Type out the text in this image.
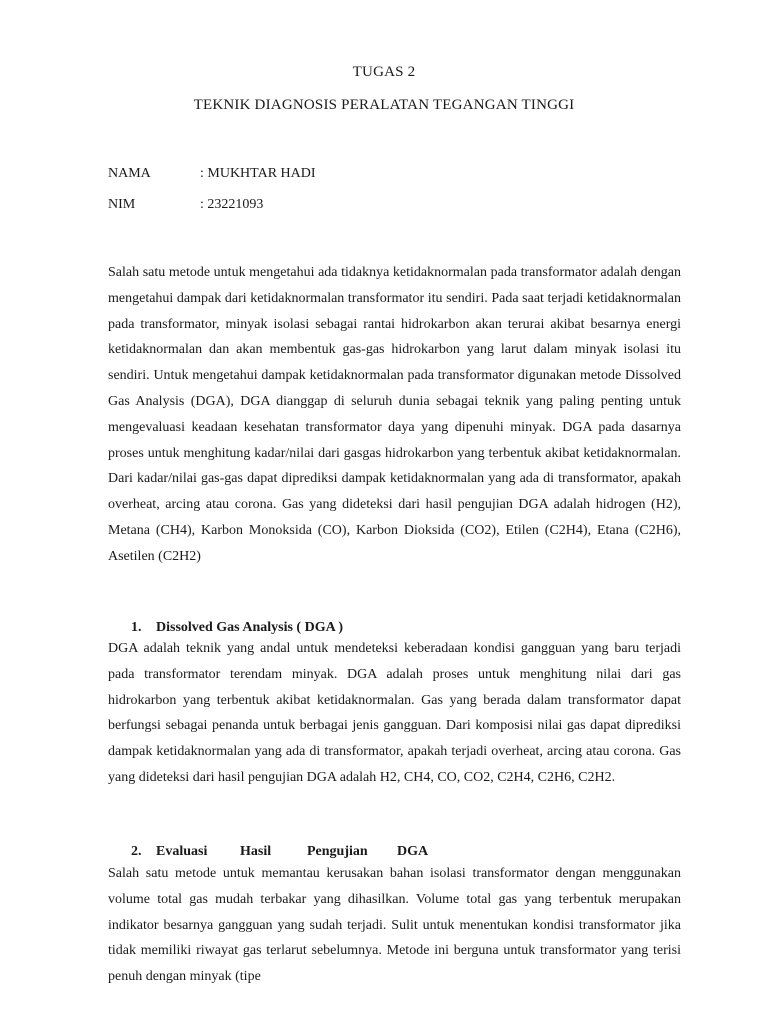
TUGAS 2
TEKNIK DIAGNOSIS PERALATAN TEGANGAN TINGGI
NAMA	: MUKHTAR HADI
NIM	: 23221093

Salah satu metode untuk mengetahui ada tidaknya ketidaknormalan pada transformator adalah dengan mengetahui dampak dari ketidaknormalan transformator itu sendiri. Pada saat terjadi ketidaknormalan pada transformator, minyak isolasi sebagai rantai hidrokarbon akan terurai akibat besarnya energi ketidaknormalan dan akan membentuk gas-gas hidrokarbon yang larut dalam minyak isolasi itu sendiri. Untuk mengetahui dampak ketidaknormalan pada transformator digunakan metode Dissolved Gas Analysis (DGA), DGA dianggap di seluruh dunia sebagai teknik yang paling penting untuk mengevaluasi keadaan kesehatan transformator daya yang dipenuhi minyak. DGA pada dasarnya proses untuk menghitung kadar/nilai dari gasgas hidrokarbon yang terbentuk akibat ketidaknormalan. Dari kadar/nilai gas-gas dapat diprediksi dampak ketidaknormalan yang ada di transformator, apakah overheat, arcing atau corona. Gas yang dideteksi dari hasil pengujian DGA adalah hidrogen (H2), Metana (CH4), Karbon Monoksida (CO), Karbon Dioksida (CO2), Etilen (C2H4), Etana (C2H6), Asetilen (C2H2)

1. Dissolved Gas Analysis ( DGA )

DGA adalah teknik yang andal untuk mendeteksi keberadaan kondisi gangguan yang baru terjadi pada transformator terendam minyak. DGA adalah proses untuk menghitung nilai dari gas hidrokarbon yang terbentuk akibat ketidaknormalan. Gas yang berada dalam transformator dapat berfungsi sebagai penanda untuk berbagai jenis gangguan. Dari komposisi nilai gas dapat diprediksi dampak ketidaknormalan yang ada di transformator, apakah terjadi overheat, arcing atau corona. Gas yang dideteksi dari hasil pengujian DGA adalah H2, CH4, CO, CO2, C2H4, C2H6, C2H2.

2. Evaluasi Hasil	Pengujian DGA

Salah satu metode untuk memantau kerusakan bahan isolasi transformator dengan menggunakan volume total gas mudah terbakar yang dihasilkan. Volume total gas yang terbentuk merupakan indikator besarnya gangguan yang sudah terjadi. Sulit untuk menentukan kondisi transformator jika tidak memiliki riwayat gas terlarut sebelumnya. Metode ini berguna untuk transformator yang terisi penuh dengan minyak (tipe
